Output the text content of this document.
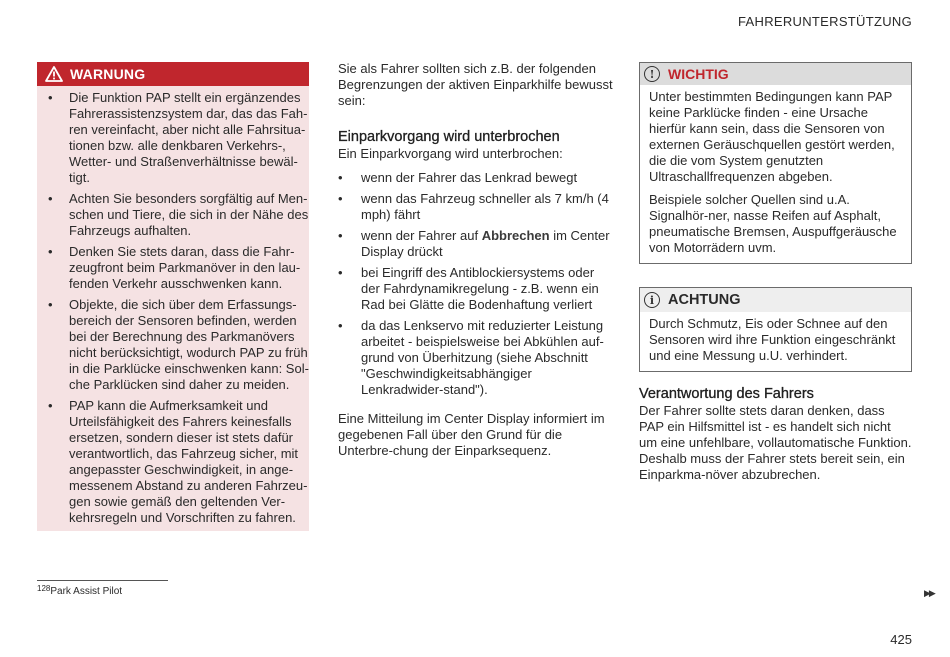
FAHRERUNTERSTÜTZUNG
WARNUNG
• Die Funktion PAP stellt ein ergänzendes
Fahrerassistenzsystem dar, das das Fah-
ren vereinfacht, aber nicht alle Fahrsitua-
tionen bzw. alle denkbaren Verkehrs-,
Wetter- und Straßenverhältnisse bewäl-
tigt.
• Achten Sie besonders sorgfältig auf Men-
schen und Tiere, die sich in der Nähe des
Fahrzeugs aufhalten.
• Denken Sie stets daran, dass die Fahr-
zeugfront beim Parkmanöver in den lau-
fenden Verkehr ausschwenken kann.
• Objekte, die sich über dem Erfassungs-
bereich der Sensoren befinden, werden
bei der Berechnung des Parkmanövers
nicht berücksichtigt, wodurch PAP zu früh
in die Parklücke einschwenken kann: Sol-
che Parklücken sind daher zu meiden.
• PAP kann die Aufmerksamkeit und
Urteilsfähigkeit des Fahrers keinesfalls
ersetzen, sondern dieser ist stets dafür
verantwortlich, das Fahrzeug sicher, mit
angepasster Geschwindigkeit, in ange-
messenem Abstand zu anderen Fahrzeu-
gen sowie gemäß den geltenden Ver-
kehrsregeln und Vorschriften zu fahren.

Sie als Fahrer sollten sich z.B. der folgenden Begrenzungen der aktiven Einparkhilfe bewusst sein:

Einparkvorgang wird unterbrochen

Ein Einparkvorgang wird unterbrochen:

• wenn der Fahrer das Lenkrad bewegt
• wenn das Fahrzeug schneller als 7 km/h (4 mph) fährt
• wenn der Fahrer auf Abbrechen im Center Display drückt
• bei Eingriff des Antiblockiersystems oder der Fahrdynamikregelung - z.B. wenn ein Rad bei Glätte die Bodenhaftung verliert
• da das Lenkservo mit reduzierter Leistung arbeitet - beispielsweise bei Abkühlen auf-grund von Überhitzung (siehe Abschnitt "Geschwindigkeitsabhängiger Lenkradwider-stand").

Eine Mitteilung im Center Display informiert im gegebenen Fall über den Grund für die Unterbre-chung der Einparksequenz.

! WICHTIG

Unter bestimmten Bedingungen kann PAP keine Parklücke finden - eine Ursache hierfür kann sein, dass die Sensoren von externen Geräuschquellen gestört werden, die die vom System genutzten Ultraschallfrequenzen abgeben.

Beispiele solcher Quellen sind u.A. Signalhör-ner, nasse Reifen auf Asphalt, pneumatische Bremsen, Auspuffgeräusche von Motorrädern uvm.

i ACHTUNG

Durch Schmutz, Eis oder Schnee auf den Sensoren wird ihre Funktion eingeschränkt und eine Messung u.U. verhindert.

Verantwortung des Fahrers

Der Fahrer sollte stets daran denken, dass PAP ein Hilfsmittel ist - es handelt sich nicht um eine unfehlbare, vollautomatische Funktion. Deshalb muss der Fahrer stets bereit sein, ein Einparkma-növer abzubrechen.

$^{128}$Park Assist Pilot	▶▶
425
